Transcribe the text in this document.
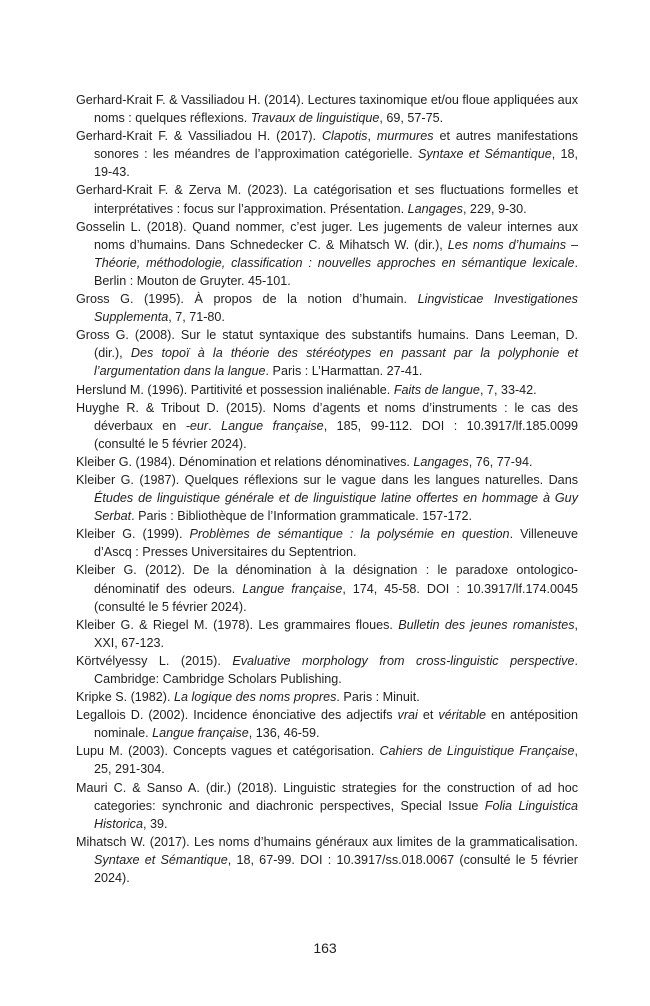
Gerhard-Krait F. & Vassiliadou H. (2014). Lectures taxinomique et/ou floue appliquées aux noms : quelques réflexions. Travaux de linguistique, 69, 57-75.
Gerhard-Krait F. & Vassiliadou H. (2017). Clapotis, murmures et autres manifestations sonores : les méandres de l’approximation catégorielle. Syntaxe et Sémantique, 18, 19-43.
Gerhard-Krait F. & Zerva M. (2023). La catégorisation et ses fluctuations formelles et interprétatives : focus sur l’approximation. Présentation. Langages, 229, 9-30.
Gosselin L. (2018). Quand nommer, c’est juger. Les jugements de valeur internes aux noms d’humains. Dans Schnedecker C. & Mihatsch W. (dir.), Les noms d’humains – Théorie, méthodologie, classification : nouvelles approches en sémantique lexicale. Berlin : Mouton de Gruyter. 45-101.
Gross G. (1995). À propos de la notion d’humain. Lingvisticae Investigationes Supplementa, 7, 71-80.
Gross G. (2008). Sur le statut syntaxique des substantifs humains. Dans Leeman, D. (dir.), Des topoï à la théorie des stéréotypes en passant par la polyphonie et l’argumentation dans la langue. Paris : L’Harmattan. 27-41.
Herslund M. (1996). Partitivité et possession inaliénable. Faits de langue, 7, 33-42.
Huyghe R. & Tribout D. (2015). Noms d’agents et noms d’instruments : le cas des déverbaux en -eur. Langue française, 185, 99-112. DOI : 10.3917/lf.185.0099 (consulté le 5 février 2024).
Kleiber G. (1984). Dénomination et relations dénominatives. Langages, 76, 77-94.
Kleiber G. (1987). Quelques réflexions sur le vague dans les langues naturelles. Dans Études de linguistique générale et de linguistique latine offertes en hommage à Guy Serbat. Paris : Bibliothèque de l’Information grammaticale. 157-172.
Kleiber G. (1999). Problèmes de sémantique : la polysémie en question. Villeneuve d’Ascq : Presses Universitaires du Septentrion.
Kleiber G. (2012). De la dénomination à la désignation : le paradoxe ontologico-dénominatif des odeurs. Langue française, 174, 45-58. DOI : 10.3917/lf.174.0045 (consulté le 5 février 2024).
Kleiber G. & Riegel M. (1978). Les grammaires floues. Bulletin des jeunes romanistes, XXI, 67-123.
Körtvélyessy L. (2015). Evaluative morphology from cross-linguistic perspective. Cambridge: Cambridge Scholars Publishing.
Kripke S. (1982). La logique des noms propres. Paris : Minuit.
Legallois D. (2002). Incidence énonciative des adjectifs vrai et véritable en antéposition nominale. Langue française, 136, 46-59.
Lupu M. (2003). Concepts vagues et catégorisation. Cahiers de Linguistique Française, 25, 291-304.
Mauri C. & Sanso A. (dir.) (2018). Linguistic strategies for the construction of ad hoc categories: synchronic and diachronic perspectives, Special Issue Folia Linguistica Historica, 39.
Mihatsch W. (2017). Les noms d’humains généraux aux limites de la grammaticalisation. Syntaxe et Sémantique, 18, 67-99. DOI : 10.3917/ss.018.0067 (consulté le 5 février 2024).
163
